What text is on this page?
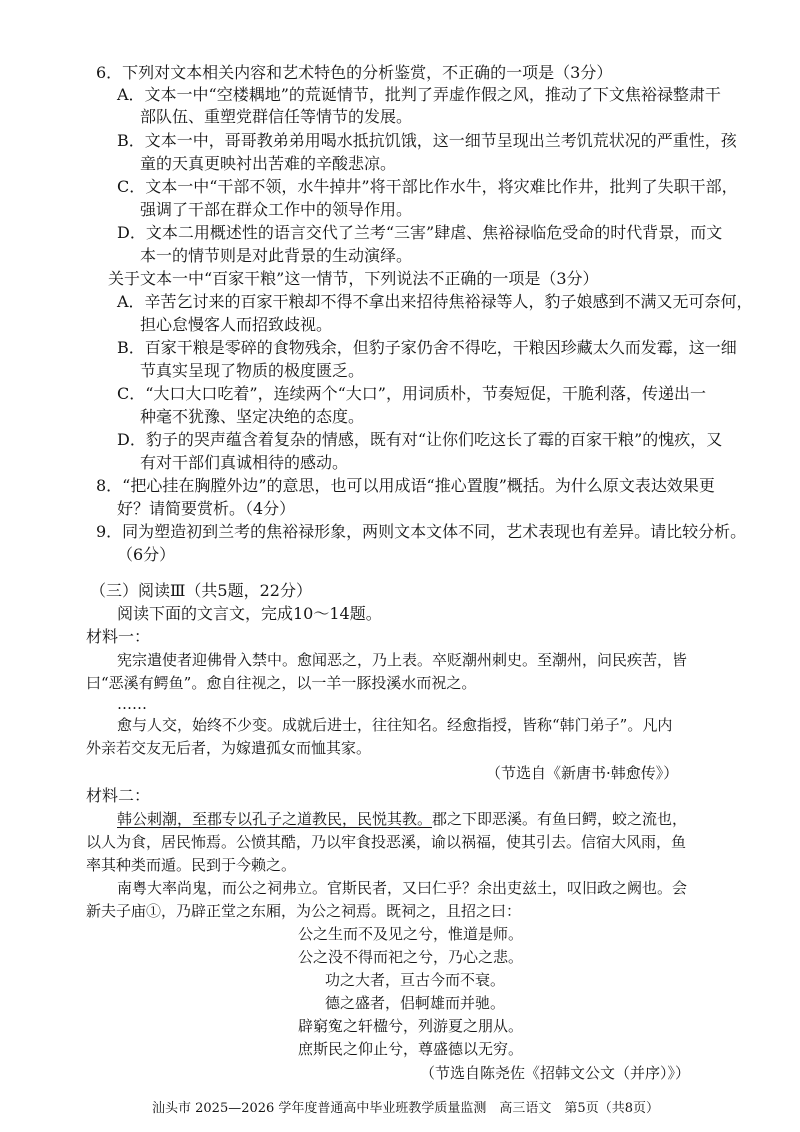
6．下列对文本相关内容和艺术特色的分析鉴赏，不正确的一项是（3分）
A．文本一中“空楼耦地”的荒诞情节，批判了弄虚作假之风，推动了下文焦裕禄整肃干
部队伍、重塑党群信任等情节的发展。
B．文本一中，哥哥教弟弟用喝水抵抗饥饿，这一细节呈现出兰考饥荒状况的严重性，孩
童的天真更映衬出苦难的辛酸悲凉。
C．文本一中“干部不领，水牛掉井”将干部比作水牛，将灾难比作井，批判了失职干部，
强调了干部在群众工作中的领导作用。
D．文本二用概述性的语言交代了兰考“三害”肆虐、焦裕禄临危受命的时代背景，而文
本一的情节则是对此背景的生动演绎。
关于文本一中“百家干粮”这一情节，下列说法不正确的一项是（3分）
A．辛苦乞讨来的百家干粮却不得不拿出来招待焦裕禄等人，豹子娘感到不满又无可奈何，
担心怠慢客人而招致歧视。
B．百家干粮是零碎的食物残余，但豹子家仍舍不得吃，干粮因珍藏太久而发霉，这一细
节真实呈现了物质的极度匮乏。
C．“大口大口吃着”，连续两个“大口”，用词质朴，节奏短促，干脆利落，传递出一
种毫不犹豫、坚定决绝的态度。
D．豹子的哭声蕴含着复杂的情感，既有对“让你们吃这长了霉的百家干粮”的愧疚，又
有对干部们真诚相待的感动。
8．“把心挂在胸膛外边”的意思，也可以用成语“推心置腹”概括。为什么原文表达效果更
好？请简要赏析。（4分）
9．同为塑造初到兰考的焦裕禄形象，两则文本文体不同，艺术表现也有差异。请比较分析。
（6分）
（三）阅读Ⅲ（共5题，22分）
阅读下面的文言文，完成10～14题。
材料一：
宪宗遣使者迎佛骨入禁中。愈闻恶之，乃上表。卒贬潮州刺史。至潮州，问民疾苦，皆
曰“恶溪有鳄鱼”。愈自往视之，以一羊一豚投溪水而祝之。
……
愈与人交，始终不少变。成就后进士，往往知名。经愈指授，皆称“韩门弟子”。凡内
外亲若交友无后者，为嫁遣孤女而恤其家。
（节选自《新唐书·韩愈传》）
材料二：
韩公刺潮，至郡专以孔子之道教民，民悦其教。郡之下即恶溪。有鱼曰鳄，蛟之流也，
以人为食，居民怖焉。公愤其酷，乃以牢食投恶溪，谕以祸福，使其引去。信宿大风雨，鱼
率其种类而遁。民到于今赖之。
南粤大率尚鬼，而公之祠弗立。官斯民者，又曰仁乎？余出吏兹土，叹旧政之阙也。会
新夫子庙①，乃辟正堂之东厢，为公之祠焉。既祠之，且招之曰：
公之生而不及见之兮，惟道是师。
公之没不得而祀之兮，乃心之悲。
功之大者，亘古今而不衰。
德之盛者，侣軻雄而并驰。
辟窮寃之轩楹兮，列游夏之朋从。
庶斯民之仰止兮，尊盛德以无穷。
（节选自陈尧佐《招韩文公文（并序）》）
汕头市 2025—2026 学年度普通高中毕业班教学质量监测　高三语文　第5页（共8页）
